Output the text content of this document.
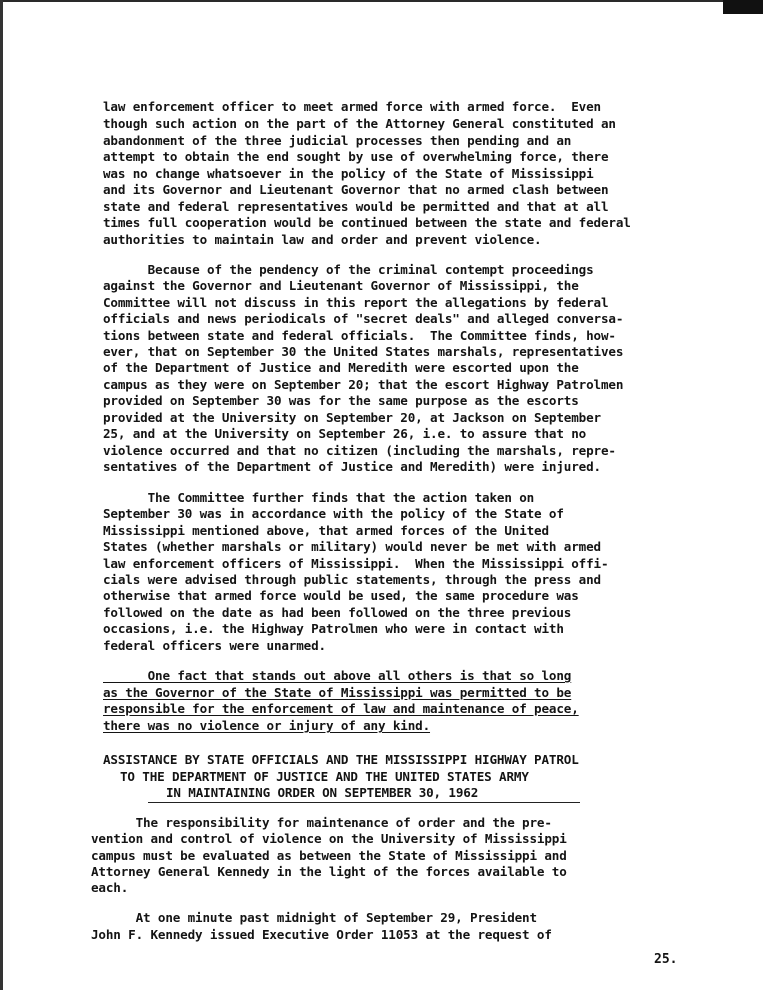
law enforcement officer to meet armed force with armed force.  Even
though such action on the part of the Attorney General constituted an
abandonment of the three judicial processes then pending and an
attempt to obtain the end sought by use of overwhelming force, there
was no change whatsoever in the policy of the State of Mississippi
and its Governor and Lieutenant Governor that no armed clash between
state and federal representatives would be permitted and that at all
times full cooperation would be continued between the state and federal
authorities to maintain law and order and prevent violence.
Because of the pendency of the criminal contempt proceedings
against the Governor and Lieutenant Governor of Mississippi, the
Committee will not discuss in this report the allegations by federal
officials and news periodicals of "secret deals" and alleged conversa-
tions between state and federal officials.  The Committee finds, how-
ever, that on September 30 the United States marshals, representatives
of the Department of Justice and Meredith were escorted upon the
campus as they were on September 20; that the escort Highway Patrolmen
provided on September 30 was for the same purpose as the escorts
provided at the University on September 20, at Jackson on September
25, and at the University on September 26, i.e. to assure that no
violence occurred and that no citizen (including the marshals, repre-
sentatives of the Department of Justice and Meredith) were injured.
The Committee further finds that the action taken on
September 30 was in accordance with the policy of the State of
Mississippi mentioned above, that armed forces of the United
States (whether marshals or military) would never be met with armed
law enforcement officers of Mississippi.  When the Mississippi offi-
cials were advised through public statements, through the press and
otherwise that armed force would be used, the same procedure was
followed on the date as had been followed on the three previous
occasions, i.e. the Highway Patrolmen who were in contact with
federal officers were unarmed.
One fact that stands out above all others is that so long
as the Governor of the State of Mississippi was permitted to be
responsible for the enforcement of law and maintenance of peace,
there was no violence or injury of any kind.
ASSISTANCE BY STATE OFFICIALS AND THE MISSISSIPPI HIGHWAY PATROL
TO THE DEPARTMENT OF JUSTICE AND THE UNITED STATES ARMY
IN MAINTAINING ORDER ON SEPTEMBER 30, 1962
The responsibility for maintenance of order and the pre-
vention and control of violence on the University of Mississippi
campus must be evaluated as between the State of Mississippi and
Attorney General Kennedy in the light of the forces available to
each.
At one minute past midnight of September 29, President
John F. Kennedy issued Executive Order 11053 at the request of
25.
